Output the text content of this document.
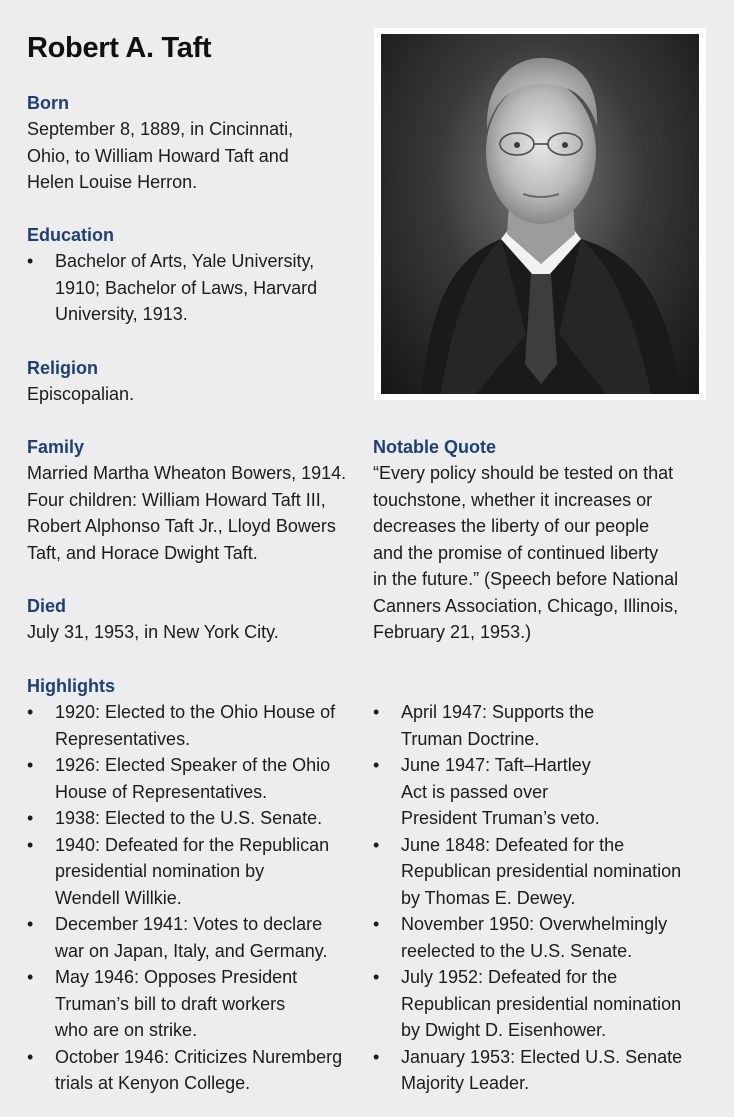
Robert A. Taft
Born
September 8, 1889, in Cincinnati,
Ohio, to William Howard Taft and
Helen Louise Herron.
Education
• Bachelor of Arts, Yale University,
1910; Bachelor of Laws, Harvard
University, 1913.
Religion
Episcopalian.
Family
Married Martha Wheaton Bowers, 1914.
Four children: William Howard Taft III,
Robert Alphonso Taft Jr., Lloyd Bowers
Taft, and Horace Dwight Taft.
Died
July 31, 1953, in New York City.
Notable Quote
“Every policy should be tested on that
touchstone, whether it increases or
decreases the liberty of our people
and the promise of continued liberty
in the future.” (Speech before National
Canners Association, Chicago, Illinois,
February 21, 1953.)
Highlights
• 1920: Elected to the Ohio House of
Representatives.
• 1926: Elected Speaker of the Ohio
House of Representatives.
• 1938: Elected to the U.S. Senate.
• 1940: Defeated for the Republican
presidential nomination by
Wendell Willkie.
• December 1941: Votes to declare
war on Japan, Italy, and Germany.
• May 1946: Opposes President
Truman’s bill to draft workers
who are on strike.
• October 1946: Criticizes Nuremberg
trials at Kenyon College.
• April 1947: Supports the
Truman Doctrine.
• June 1947: Taft–Hartley
Act is passed over
President Truman’s veto.
• June 1848: Defeated for the
Republican presidential nomination
by Thomas E. Dewey.
• November 1950: Overwhelmingly
reelected to the U.S. Senate.
• July 1952: Defeated for the
Republican presidential nomination
by Dwight D. Eisenhower.
• January 1953: Elected U.S. Senate
Majority Leader.
